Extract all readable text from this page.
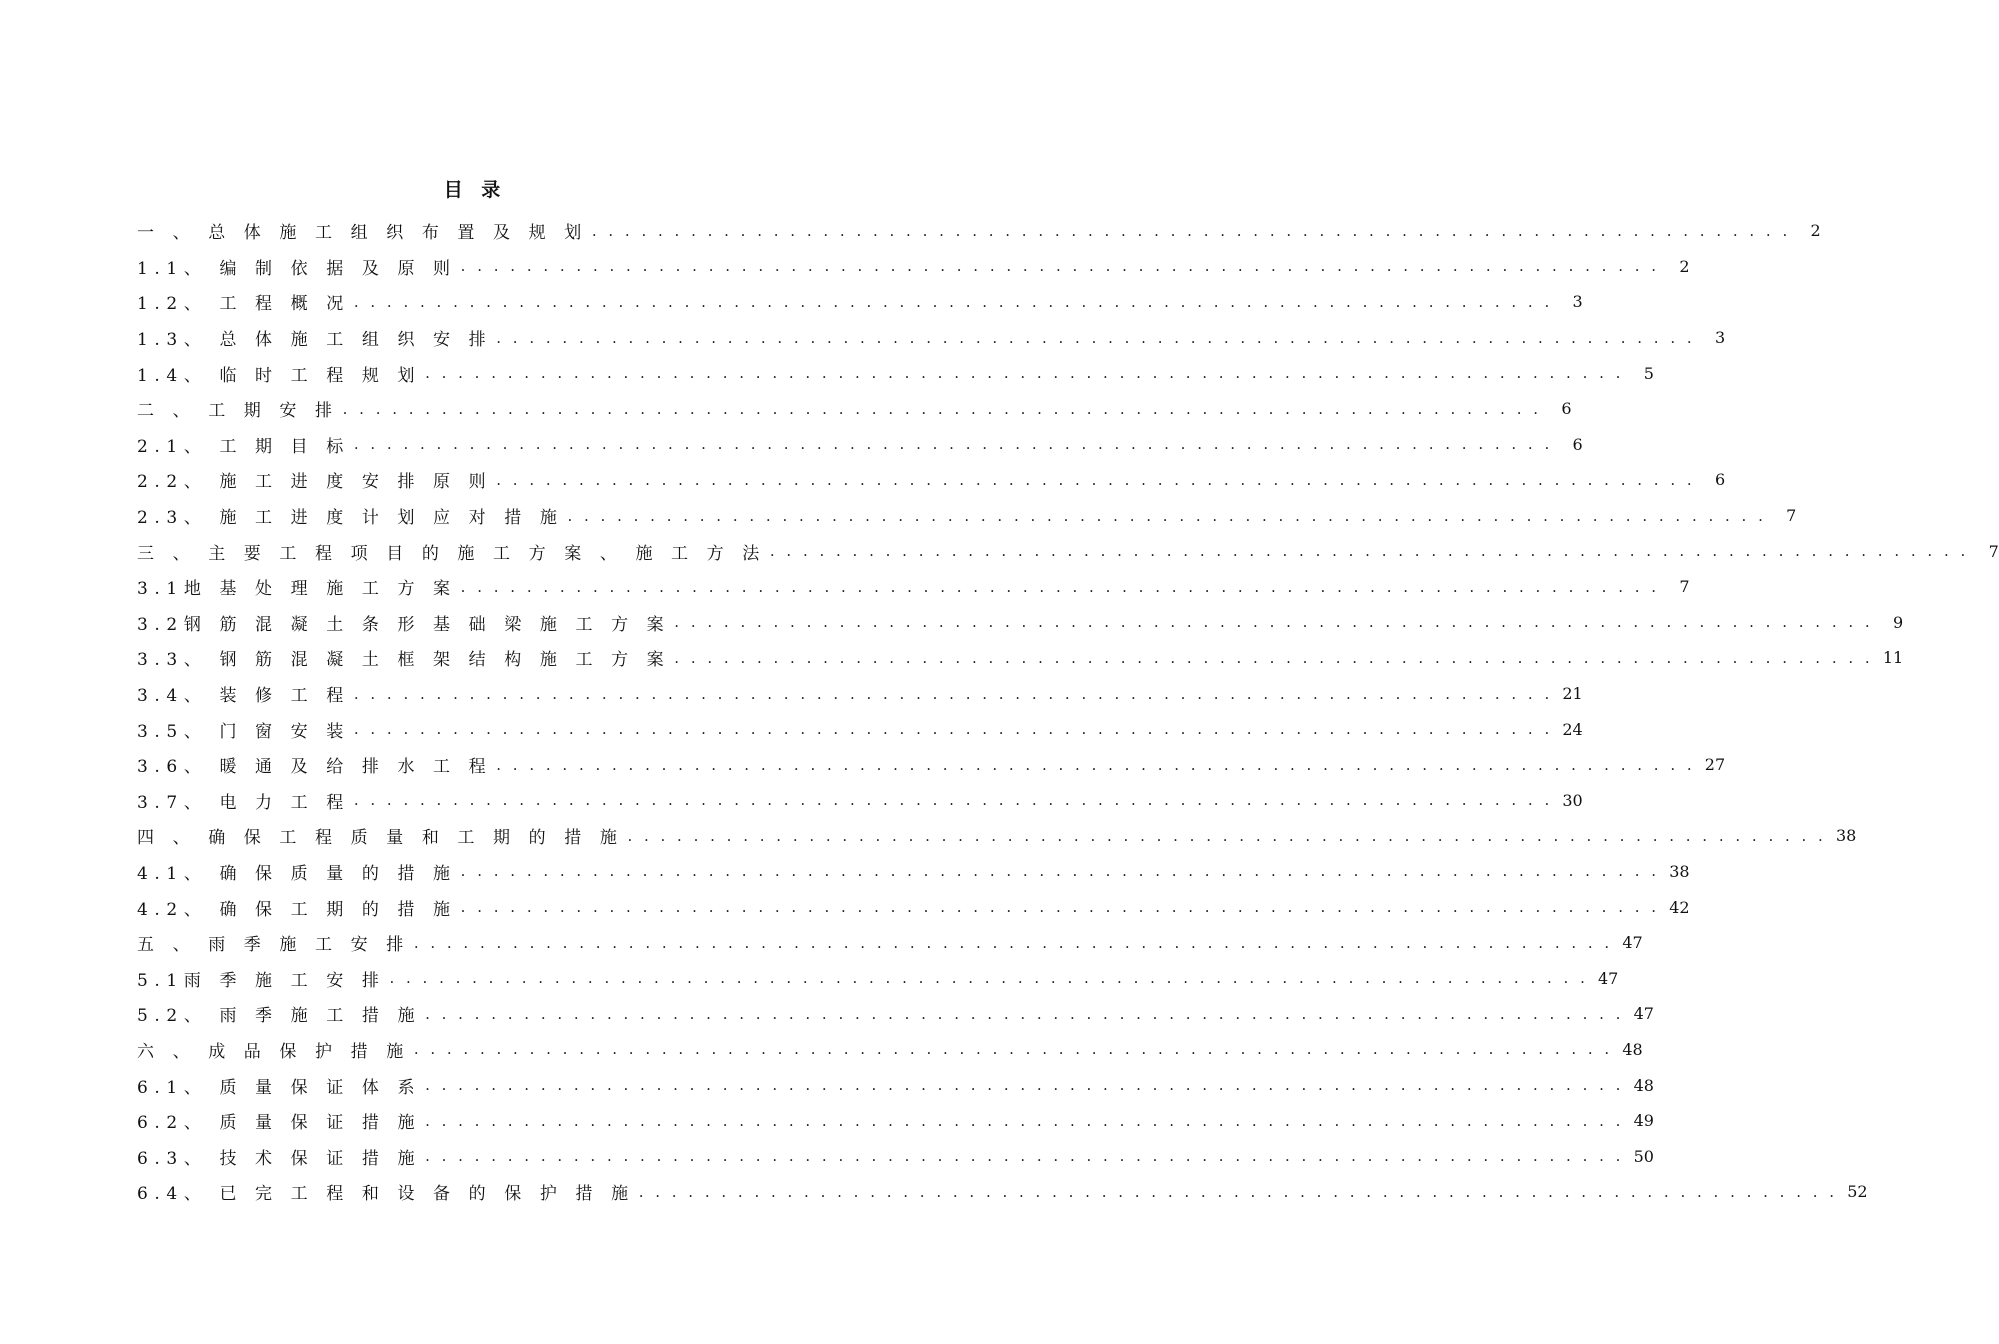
目 录
一 、 总 体 施 工 组 织 布 置 及 规 划 . . . . . . . . . . . . . . . . . . . . . . . . . . . . . . . . . . . . . . . . . . . . . . . . . . . . . . . . . . . . . . . . . . . . . . . . .	2
1.1、 编 制 依 据 及 原 则 . . . . . . . . . . . . . . . . . . . . . . . . . . . . . . . . . . . . . . . . . . . . . . . . . . . . . . . . . . . . . . . . . . . . . . . . .	2
1.2、 工 程 概 况 . . . . . . . . . . . . . . . . . . . . . . . . . . . . . . . . . . . . . . . . . . . . . . . . . . . . . . . . . . . . . . . . . . . . . . . . .	3
1.3、 总 体 施 工 组 织 安 排 . . . . . . . . . . . . . . . . . . . . . . . . . . . . . . . . . . . . . . . . . . . . . . . . . . . . . . . . . . . . . . . . . . . . . . . . .	3
1.4、 临 时 工 程 规 划 . . . . . . . . . . . . . . . . . . . . . . . . . . . . . . . . . . . . . . . . . . . . . . . . . . . . . . . . . . . . . . . . . . . . . . . . .	5
二 、 工 期 安 排 . . . . . . . . . . . . . . . . . . . . . . . . . . . . . . . . . . . . . . . . . . . . . . . . . . . . . . . . . . . . . . . . . . . . . . . . .	6
2.1、 工 期 目 标 . . . . . . . . . . . . . . . . . . . . . . . . . . . . . . . . . . . . . . . . . . . . . . . . . . . . . . . . . . . . . . . . . . . . . . . . .	6
2.2、 施 工 进 度 安 排 原 则 . . . . . . . . . . . . . . . . . . . . . . . . . . . . . . . . . . . . . . . . . . . . . . . . . . . . . . . . . . . . . . . . . . . . . . . . .	6
2.3、 施 工 进 度 计 划 应 对 措 施 . . . . . . . . . . . . . . . . . . . . . . . . . . . . . . . . . . . . . . . . . . . . . . . . . . . . . . . . . . . . . . . . . . . . . . . . .	7
三 、 主 要 工 程 项 目 的 施 工 方 案 、 施 工 方 法 . . . . . . . . . . . . . . . . . . . . . . . . . . . . . . . . . . . . . . . . . . . . . . . . . . . . . . . . . . . . . . . . . . . . . . . . .	7
3.1地 基 处 理 施 工 方 案 . . . . . . . . . . . . . . . . . . . . . . . . . . . . . . . . . . . . . . . . . . . . . . . . . . . . . . . . . . . . . . . . . . . . . . . . .	7
3.2钢 筋 混 凝 土 条 形 基 础 梁 施 工 方 案 . . . . . . . . . . . . . . . . . . . . . . . . . . . . . . . . . . . . . . . . . . . . . . . . . . . . . . . . . . . . . . . . . . . . . . . . .	9
3.3、 钢 筋 混 凝 土 框 架 结 构 施 工 方 案 . . . . . . . . . . . . . . . . . . . . . . . . . . . . . . . . . . . . . . . . . . . . . . . . . . . . . . . . . . . . . . . . . . . . . . . . . 11
3.4、 装 修 工 程 . . . . . . . . . . . . . . . . . . . . . . . . . . . . . . . . . . . . . . . . . . . . . . . . . . . . . . . . . . . . . . . . . . . . . . . . . 21
3.5、 门 窗 安 装 . . . . . . . . . . . . . . . . . . . . . . . . . . . . . . . . . . . . . . . . . . . . . . . . . . . . . . . . . . . . . . . . . . . . . . . . . 24
3.6、 暖 通 及 给 排 水 工 程 . . . . . . . . . . . . . . . . . . . . . . . . . . . . . . . . . . . . . . . . . . . . . . . . . . . . . . . . . . . . . . . . . . . . . . . . . 27
3.7、 电 力 工 程 . . . . . . . . . . . . . . . . . . . . . . . . . . . . . . . . . . . . . . . . . . . . . . . . . . . . . . . . . . . . . . . . . . . . . . . . . 30
四 、 确 保 工 程 质 量 和 工 期 的 措 施 . . . . . . . . . . . . . . . . . . . . . . . . . . . . . . . . . . . . . . . . . . . . . . . . . . . . . . . . . . . . . . . . . . . . . . . . . 38
4.1、 确 保 质 量 的 措 施 . . . . . . . . . . . . . . . . . . . . . . . . . . . . . . . . . . . . . . . . . . . . . . . . . . . . . . . . . . . . . . . . . . . . . . . . . 38
4.2、 确 保 工 期 的 措 施 . . . . . . . . . . . . . . . . . . . . . . . . . . . . . . . . . . . . . . . . . . . . . . . . . . . . . . . . . . . . . . . . . . . . . . . . . 42
五 、 雨 季 施 工 安 排 . . . . . . . . . . . . . . . . . . . . . . . . . . . . . . . . . . . . . . . . . . . . . . . . . . . . . . . . . . . . . . . . . . . . . . . . . 47
5.1雨 季 施 工 安 排 . . . . . . . . . . . . . . . . . . . . . . . . . . . . . . . . . . . . . . . . . . . . . . . . . . . . . . . . . . . . . . . . . . . . . . . . . 47
5.2、 雨 季 施 工 措 施 . . . . . . . . . . . . . . . . . . . . . . . . . . . . . . . . . . . . . . . . . . . . . . . . . . . . . . . . . . . . . . . . . . . . . . . . . 47
六 、 成 品 保 护 措 施 . . . . . . . . . . . . . . . . . . . . . . . . . . . . . . . . . . . . . . . . . . . . . . . . . . . . . . . . . . . . . . . . . . . . . . . . . 48
6.1、 质 量 保 证 体 系 . . . . . . . . . . . . . . . . . . . . . . . . . . . . . . . . . . . . . . . . . . . . . . . . . . . . . . . . . . . . . . . . . . . . . . . . . 48
6.2、 质 量 保 证 措 施 . . . . . . . . . . . . . . . . . . . . . . . . . . . . . . . . . . . . . . . . . . . . . . . . . . . . . . . . . . . . . . . . . . . . . . . . . 49
6.3、 技 术 保 证 措 施 . . . . . . . . . . . . . . . . . . . . . . . . . . . . . . . . . . . . . . . . . . . . . . . . . . . . . . . . . . . . . . . . . . . . . . . . . 50
6.4、 已 完 工 程 和 设 备 的 保 护 措 施 . . . . . . . . . . . . . . . . . . . . . . . . . . . . . . . . . . . . . . . . . . . . . . . . . . . . . . . . . . . . . . . . . . . . . . . . . 52
